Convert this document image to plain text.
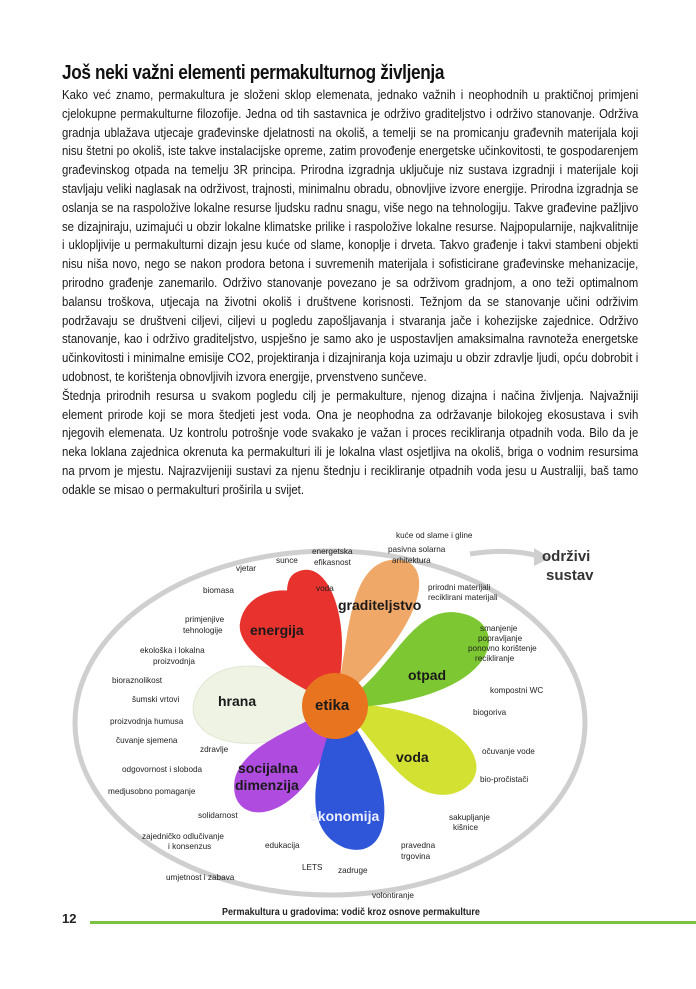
Još neki važni elementi permakulturnog življenja

Kako već znamo, permakultura je složeni sklop elemenata, jednako važnih i neophodnih u praktičnoj primjeni cjelokupne permakulturne filozofije. Jedna od tih sastavnica je održivo graditeljstvo i održivo stanovanje. Održiva gradnja ublažava utjecaje građevinske djelatnosti na okoliš, a temelji se na promicanju građevnih materijala koji nisu štetni po okoliš, iste takve instalacijske opreme, zatim provođenje energetske učinkovitosti, te gospodarenjem građevinskog otpada na temelju 3R principa. Prirodna izgradnja uključuje niz sustava izgradnji i materijale koji stavljaju veliki naglasak na održivost, trajnosti, minimalnu obradu, obnovljive izvore energije. Prirodna izgradnja se oslanja se na raspoložive lokalne resurse ljudsku radnu snagu, više nego na tehnologiju. Takve građevine pažljivo se dizajniraju, uzimajući u obzir lokalne klimatske prilike i raspoložive lokalne resurse. Najpopularnije, najkvalitnije i uklopljivije u permakulturni dizajn jesu kuće od slame, konoplje i drveta. Takvo građenje i takvi stambeni objekti nisu niša novo, nego se nakon prodora betona i suvremenih materijala i sofisticirane građevinske mehanizacije, prirodno građenje zanemarilo. Održivo stanovanje povezano je sa održivom gradnjom, a ono teži optimalnom balansu troškova, utjecaja na životni okoliš i društvene korisnosti. Težnjom da se stanovanje učini održivim podržavaju se društveni ciljevi, ciljevi u pogledu zapošljavanja i stvaranja jače i kohezijske zajednice. Održivo stanovanje, kao i održivo graditeljstvo, uspješno je samo ako je uspostavljen amaksimalna ravnoteža energetske učinkovitosti i minimalne emisije CO2, projektiranja i dizajniranja koja uzimaju u obzir zdravlje ljudi, opću dobrobit i udobnost, te korištenja obnovljivih izvora energije, prvenstveno sunčeve.

Štednja prirodnih resursa u svakom pogledu cilj je permakulture, njenog dizajna i načina življenja. Najvažniji element prirode koji se mora štedjeti jest voda. Ona je neophodna za održavanje bilokojeg ekosustava i svih njegovih elemenata. Uz kontrolu potrošnje vode svakako je važan i proces recikliranja otpadnih voda. Bilo da je neka loklana zajednica okrenuta ka permakulturi ili je lokalna vlast osjetljiva na okoliš, briga o vodnim resursima na prvom je mjestu. Najrazvijeniji sustavi za njenu štednju i recikliranje otpadnih voda jesu u Australiji, baš tamo odakle se misao o permakulturi proširila u svijet.

energija
graditeljstvo
otpad
hrana	etika
voda
socijalna
dimenzija
ekonomija
održivi
sustav
kuće od slame i gline
pasivna solarna
arhitektura
energetska
efikasnost
sunce
vjetar
voda
biomasa	prirodni materijali
reciklirani materijali
primjenjive
tehnologije
ekološka i lokalna
proizvodnja
smanjenje
popravljanje
ponovno korištenje
recikliranje
bioraznolikost
šumski vrtovi
kompostni WC
proizvodnja humusa
biogoriva
čuvanje sjemena
zdravlje	očuvanje vode
odgovornost i sloboda
bio-pročistači
medjusobno pomaganje
solidarnost	sakupljanje
kišnice
zajedničko odlučivanje
i konsenzus	edukacija	pravedna
trgovina
LETS zadruge
umjetnost i zabava
volontiranje
12	Permakultura u gradovima: vodič kroz osnove permakulture
